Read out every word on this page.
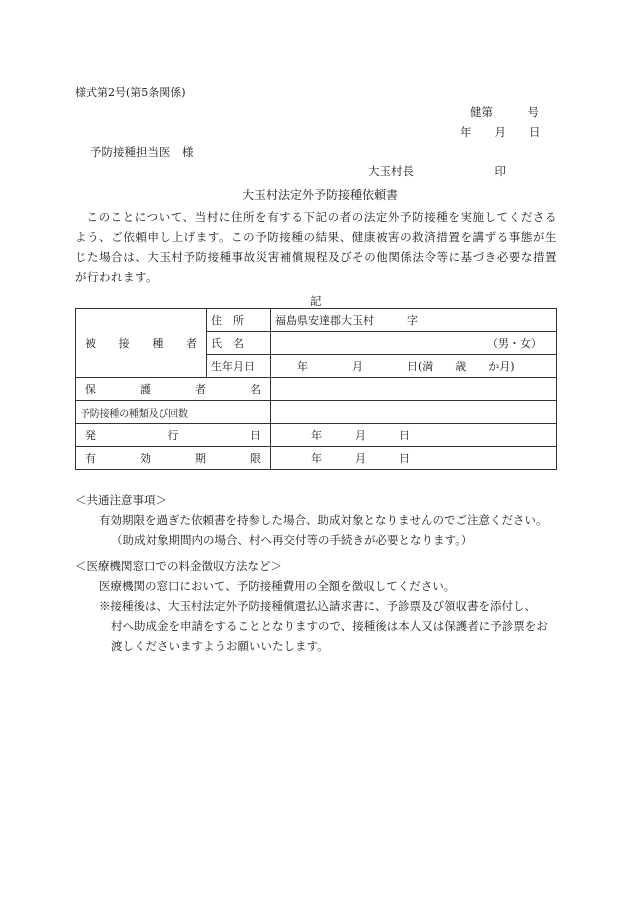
様式第2号(第5条関係)
健第　　　号
年　　月　　日
予防接種担当医　様
大玉村長　　　　　　　印
大玉村法定外予防接種依頼書
このことについて、当村に住所を有する下記の者の法定外予防接種を実施してくださるよう、ご依頼申し上げます。この予防接種の結果、健康被害の救済措置を講ずる事態が生じた場合は、大玉村予防接種事故災害補償規程及びその他関係法令等に基づき必要な措置が行われます。
記
被 接 種 者	住　所	福島県安達郡大玉村　　　字
	氏　名	（男・女）
	生年月日	年　　　　月　　　　日(満　　歳　　か月)

保 護 者 名		

予防接種の種類及び回数		

発 行 日		年　　　月　　　日

有 効 期 限		年　　　月　　　日
＜共通注意事項＞
有効期限を過ぎた依頼書を持参した場合、助成対象となりませんのでご注意ください。
（助成対象期間内の場合、村へ再交付等の手続きが必要となります。）
＜医療機関窓口での料金徴収方法など＞
医療機関の窓口において、予防接種費用の全額を徴収してください。
※接種後は、大玉村法定外予防接種償還払込請求書に、予診票及び領収書を添付し、
村へ助成金を申請をすることとなりますので、接種後は本人又は保護者に予診票をお
渡しくださいますようお願いいたします。
